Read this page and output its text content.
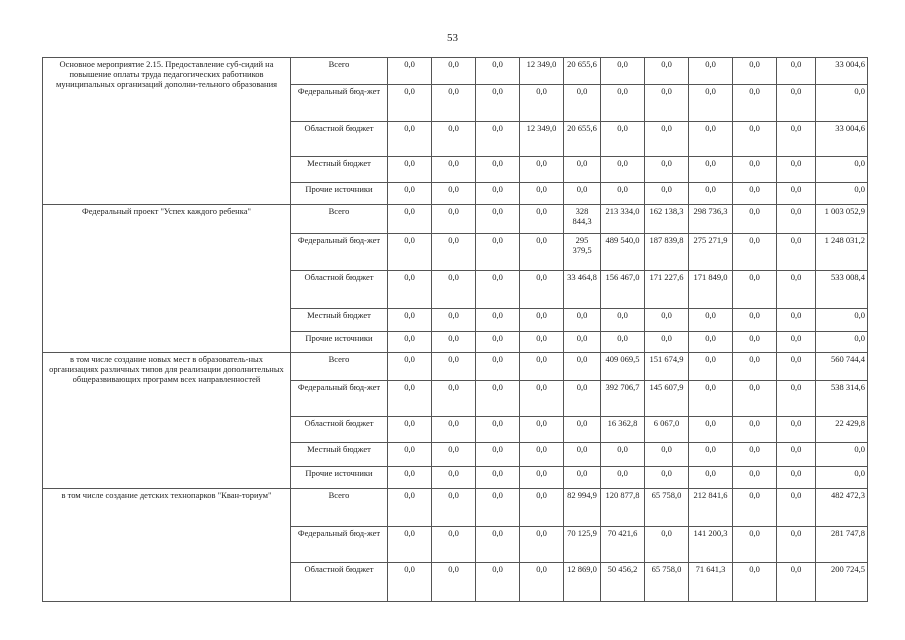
53
Основное мероприятие 2.15. Предоставление суб-сидий на повышение оплаты труда педагогических работников муниципальных организаций дополни-тельного образования	Всего	0,0	0,0	0,0	12 349,0	20 655,6	0,0	0,0	0,0	0,0	0,0	33 004,6
	Федеральный бюд-жет	0,0	0,0	0,0	0,0	0,0	0,0	0,0	0,0	0,0	0,0	0,0
	Областной бюджет	0,0	0,0	0,0	12 349,0	20 655,6	0,0	0,0	0,0	0,0	0,0	33 004,6
	Местный бюджет	0,0	0,0	0,0	0,0	0,0	0,0	0,0	0,0	0,0	0,0	0,0
	Прочие источники	0,0	0,0	0,0	0,0	0,0	0,0	0,0	0,0	0,0	0,0	0,0
Федеральный проект "Успех каждого ребенка"	Всего	0,0	0,0	0,0	0,0	328 844,3	213 334,0	162 138,3	298 736,3	0,0	0,0	1 003 052,9
	Федеральный бюд-жет	0,0	0,0	0,0	0,0	295 379,5	489 540,0	187 839,8	275 271,9	0,0	0,0	1 248 031,2
	Областной бюджет	0,0	0,0	0,0	0,0	33 464,8	156 467,0	171 227,6	171 849,0	0,0	0,0	533 008,4
	Местный бюджет	0,0	0,0	0,0	0,0	0,0	0,0	0,0	0,0	0,0	0,0	0,0
	Прочие источники	0,0	0,0	0,0	0,0	0,0	0,0	0,0	0,0	0,0	0,0	0,0
в том числе создание новых мест в образователь-ных организациях различных типов для реализации дополнительных общеразвивающих программ всех направленностей	Всего	0,0	0,0	0,0	0,0	0,0	409 069,5	151 674,9	0,0	0,0	0,0	560 744,4
	Федеральный бюд-жет	0,0	0,0	0,0	0,0	0,0	392 706,7	145 607,9	0,0	0,0	0,0	538 314,6
	Областной бюджет	0,0	0,0	0,0	0,0	0,0	16 362,8	6 067,0	0,0	0,0	0,0	22 429,8
	Местный бюджет	0,0	0,0	0,0	0,0	0,0	0,0	0,0	0,0	0,0	0,0	0,0
	Прочие источники	0,0	0,0	0,0	0,0	0,0	0,0	0,0	0,0	0,0	0,0	0,0
в том числе создание детских технопарков "Кван-ториум"	Всего	0,0	0,0	0,0	0,0	82 994,9	120 877,8	65 758,0	212 841,6	0,0	0,0	482 472,3
	Федеральный бюд-жет	0,0	0,0	0,0	0,0	70 125,9	70 421,6	0,0	141 200,3	0,0	0,0	281 747,8
	Областной бюджет	0,0	0,0	0,0	0,0	12 869,0	50 456,2	65 758,0	71 641,3	0,0	0,0	200 724,5
